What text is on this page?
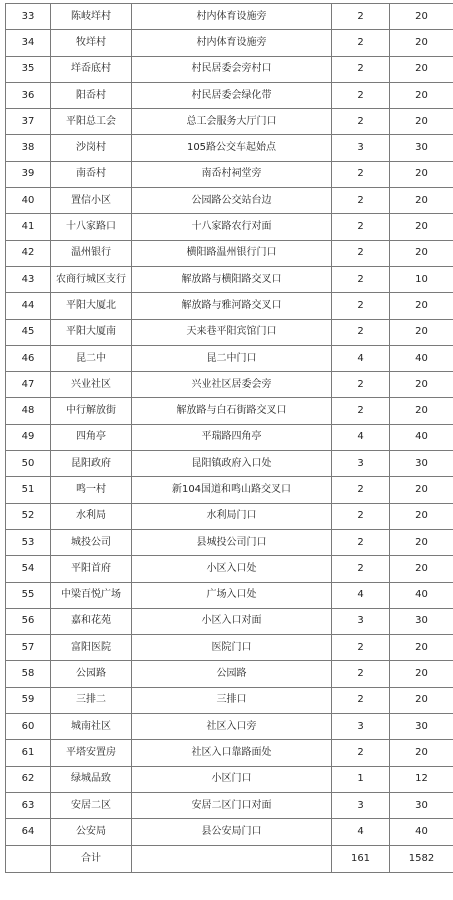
33	陈岐垟村	村内体育设施旁	2	20
34	牧垟村	村内体育设施旁	2	20
35	垟岙底村	村民居委会旁村口	2	20
36	阳岙村	村民居委会绿化带	2	20
37	平阳总工会	总工会服务大厅门口	2	20
38	沙岗村	105路公交车起始点	3	30
39	南岙村	南岙村祠堂旁	2	20
40	置信小区	公园路公交站台边	2	20
41	十八家路口	十八家路农行对面	2	20
42	温州银行	横阳路温州银行门口	2	20
43	农商行城区支行	解放路与横阳路交叉口	2	10
44	平阳大厦北	解放路与雅河路交叉口	2	20
45	平阳大厦南	天来巷平阳宾馆门口	2	20
46	昆二中	昆二中门口	4	40
47	兴业社区	兴业社区居委会旁	2	20
48	中行解放街	解放路与白石街路交叉口	2	20
49	四角亭	平瑞路四角亭	4	40
50	昆阳政府	昆阳镇政府入口处	3	30
51	鸣一村	新104国道和鸣山路交叉口	2	20
52	水利局	水利局门口	2	20
53	城投公司	县城投公司门口	2	20
54	平阳首府	小区入口处	2	20
55	中梁百悦广场	广场入口处	4	40
56	嘉和花苑	小区入口对面	3	30
57	富阳医院	医院门口	2	20
58	公园路	公园路	2	20
59	三排二	三排口	2	20
60	城南社区	社区入口旁	3	30
61	平塔安置房	社区入口靠路面处	2	20
62	绿城品致	小区门口	1	12
63	安居二区	安居二区门口对面	3	30
64	公安局	县公安局门口	4	40
	合计		161	1582
